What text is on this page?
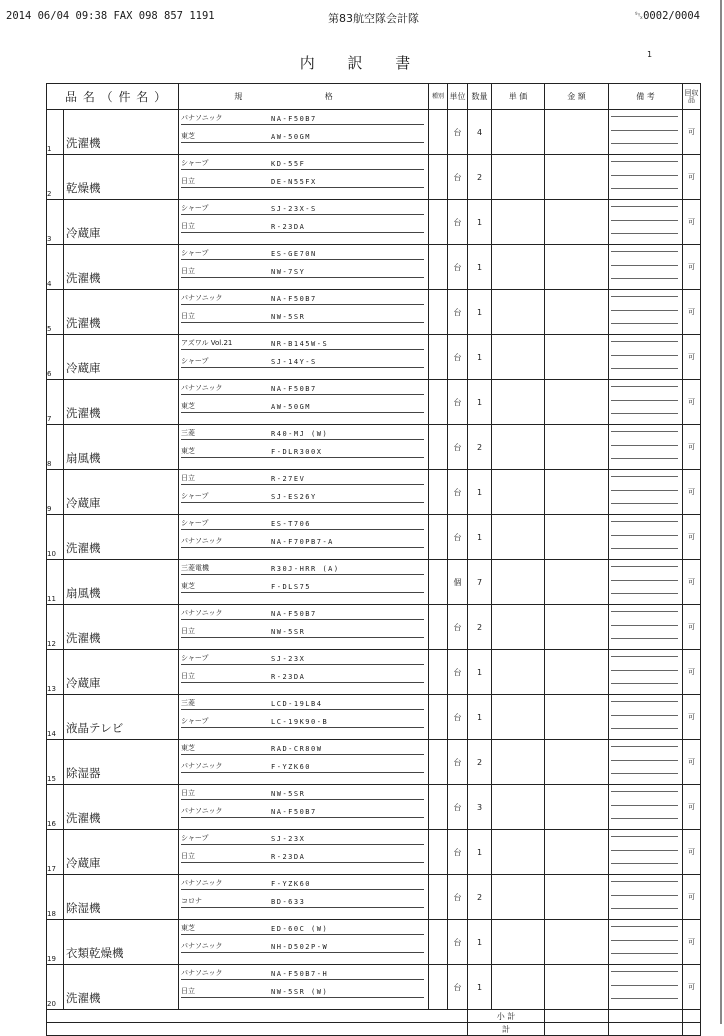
2014 06/04 09:38 FAX 098 857 1191	第83航空隊会計隊	␂0002/0004
内 訳 書	1
品 名 （ 件 名 ）		規 格	種別	単位	数量	単 価	金 額	備 考	回収品
1	洗濯機	パナソニック NA-F50B7
東芝 AW-50GM		台	4				可
2	乾燥機	シャープ KD-55F
日立 DE-N55FX		台	2				可
3	冷蔵庫	シャープ SJ-23X-S
日立 R-23DA		台	1				可
4	洗濯機	シャープ ES-GE70N
日立 NW-7SY		台	1				可
5	洗濯機	パナソニック NA-F50B7
日立 NW-5SR		台	1				可
6	冷蔵庫	アズワル Vol.21 NR-B145W-S
シャープ SJ-14Y-S		台	1				可
7	洗濯機	パナソニック NA-F50B7
東芝 AW-50GM		台	1				可
8	扇風機	三菱 R40-MJ (W)
東芝 F-DLR300X		台	2				可
9	冷蔵庫	日立 R-27EV
シャープ SJ-ES26Y		台	1				可
10	洗濯機	シャープ ES-T706
パナソニック NA-F70PB7-A		台	1				可
11	扇風機	三菱電機 R30J-HRR (A)
東芝 F-DLS75		個	7				可
12	洗濯機	パナソニック NA-F50B7
日立 NW-5SR		台	2				可
13	冷蔵庫	シャープ SJ-23X
日立 R-23DA		台	1				可
14	液晶テレビ	三菱 LCD-19LB4
シャープ LC-19K90-B		台	1				可
15	除湿器	東芝 RAD-CR80W
パナソニック F-YZK60		台	2				可
16	洗濯機	日立 NW-5SR
パナソニック NA-F50B7		台	3				可
17	冷蔵庫	シャープ SJ-23X
日立 R-23DA		台	1				可
18	除湿機	パナソニック F-YZK60
コロナ BD-633		台	2				可
19	衣類乾燥機	東芝 ED-60C (W)
パナソニック NH-D502P-W		台	1				可
20	洗濯機	パナソニック NA-F50B7-H
日立 NW-5SR (W)		台	1				可
					小 計				
					計				
